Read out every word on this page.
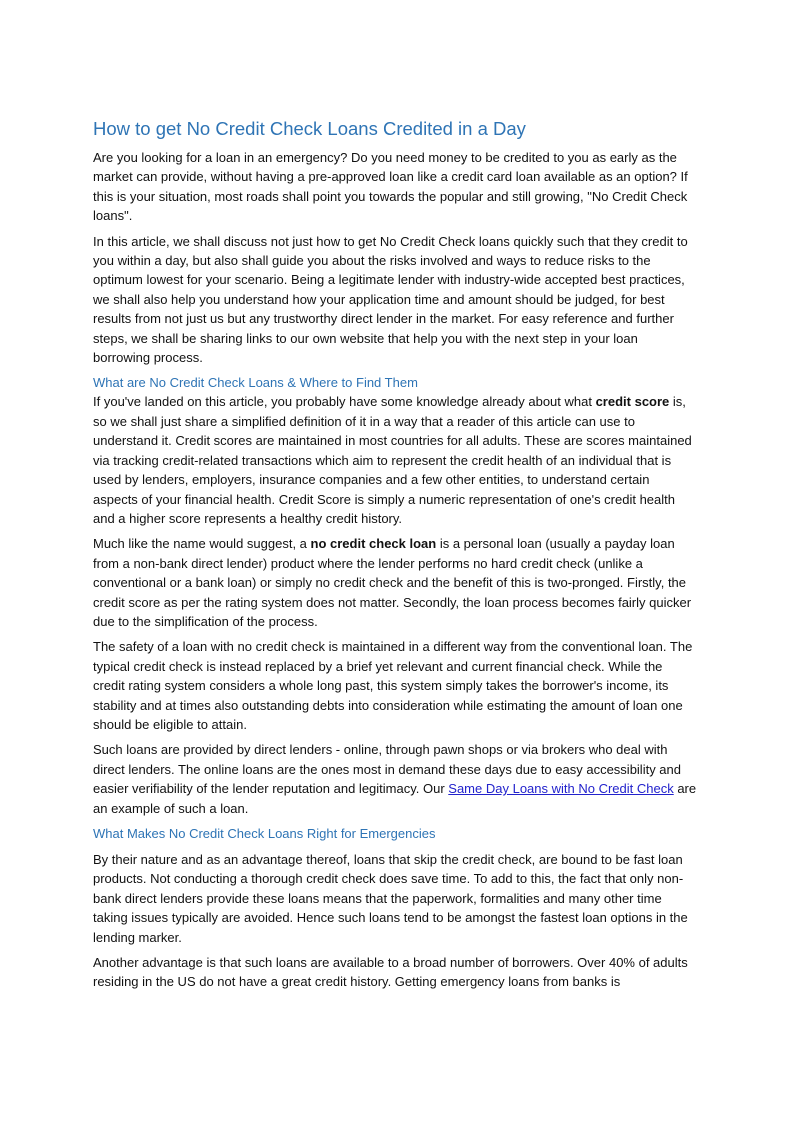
How to get No Credit Check Loans Credited in a Day

Are you looking for a loan in an emergency? Do you need money to be credited to you as early as the market can provide, without having a pre-approved loan like a credit card loan available as an option? If this is your situation, most roads shall point you towards the popular and still growing, "No Credit Check loans".

In this article, we shall discuss not just how to get No Credit Check loans quickly such that they credit to you within a day, but also shall guide you about the risks involved and ways to reduce risks to the optimum lowest for your scenario. Being a legitimate lender with industry-wide accepted best practices, we shall also help you understand how your application time and amount should be judged, for best results from not just us but any trustworthy direct lender in the market. For easy reference and further steps, we shall be sharing links to our own website that help you with the next step in your loan borrowing process.

What are No Credit Check Loans & Where to Find Them

If you've landed on this article, you probably have some knowledge already about what credit score is, so we shall just share a simplified definition of it in a way that a reader of this article can use to understand it. Credit scores are maintained in most countries for all adults. These are scores maintained via tracking credit-related transactions which aim to represent the credit health of an individual that is used by lenders, employers, insurance companies and a few other entities, to understand certain aspects of your financial health. Credit Score is simply a numeric representation of one's credit health and a higher score represents a healthy credit history.

Much like the name would suggest, a no credit check loan is a personal loan (usually a payday loan from a non-bank direct lender) product where the lender performs no hard credit check (unlike a conventional or a bank loan) or simply no credit check and the benefit of this is two-pronged. Firstly, the credit score as per the rating system does not matter. Secondly, the loan process becomes fairly quicker due to the simplification of the process.

The safety of a loan with no credit check is maintained in a different way from the conventional loan. The typical credit check is instead replaced by a brief yet relevant and current financial check. While the credit rating system considers a whole long past, this system simply takes the borrower's income, its stability and at times also outstanding debts into consideration while estimating the amount of loan one should be eligible to attain.

Such loans are provided by direct lenders - online, through pawn shops or via brokers who deal with direct lenders. The online loans are the ones most in demand these days due to easy accessibility and easier verifiability of the lender reputation and legitimacy. Our Same Day Loans with No Credit Check are an example of such a loan.

What Makes No Credit Check Loans Right for Emergencies

By their nature and as an advantage thereof, loans that skip the credit check, are bound to be fast loan products. Not conducting a thorough credit check does save time. To add to this, the fact that only non-bank direct lenders provide these loans means that the paperwork, formalities and many other time taking issues typically are avoided. Hence such loans tend to be amongst the fastest loan options in the lending marker.

Another advantage is that such loans are available to a broad number of borrowers. Over 40% of adults residing in the US do not have a great credit history. Getting emergency loans from banks is
